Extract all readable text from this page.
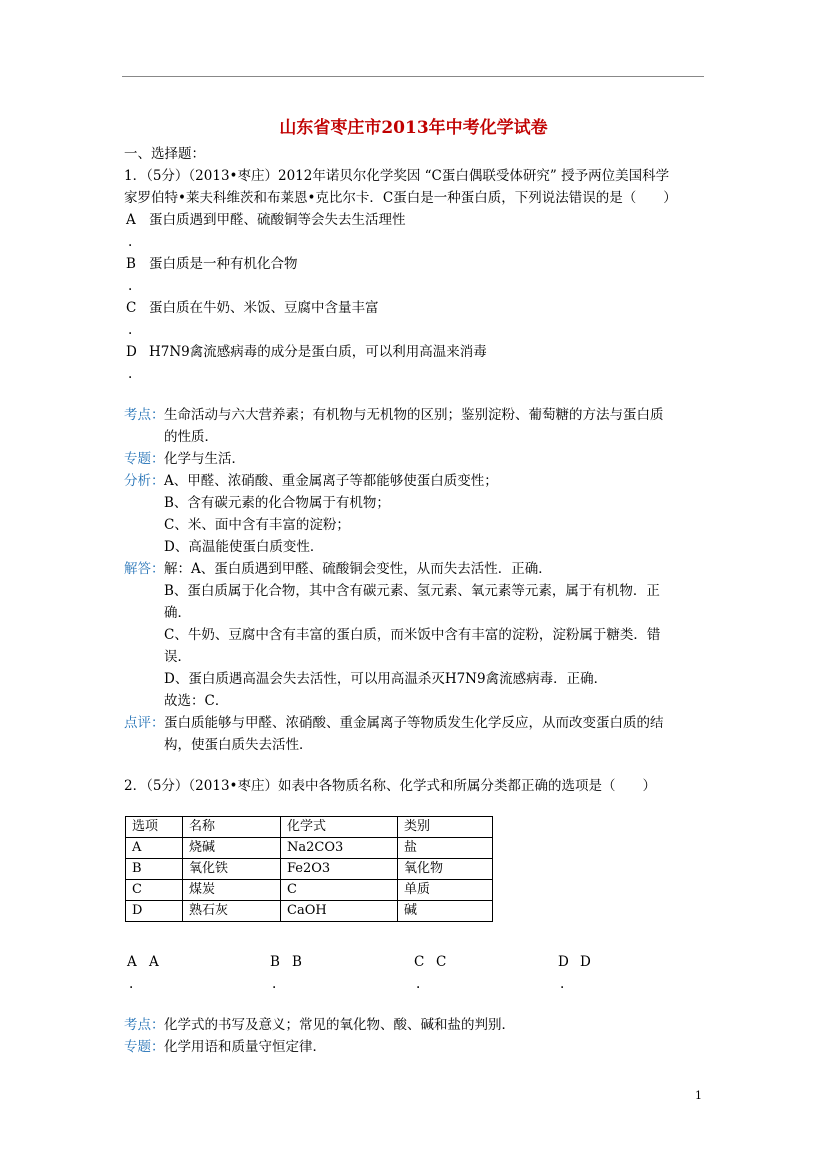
山东省枣庄市2013年中考化学试卷
一、选择题：
1．（5分）（2013•枣庄）2012年诺贝尔化学奖因 “C蛋白偶联受体研究” 授予两位美国科学
家罗伯特•莱夫科维茨和布莱恩•克比尔卡．C蛋白是一种蛋白质，下列说法错误的是（　　）
A 蛋白质遇到甲醛、硫酸铜等会失去生活理性
.
B 蛋白质是一种有机化合物
.
C 蛋白质在牛奶、米饭、豆腐中含量丰富
.
D H7N9禽流感病毒的成分是蛋白质，可以利用高温来消毒
.
考点： 生命活动与六大营养素；有机物与无机物的区别；鉴别淀粉、葡萄糖的方法与蛋白质
的性质．
专题： 化学与生活．
分析： A、甲醛、浓硝酸、重金属离子等都能够使蛋白质变性；
B、含有碳元素的化合物属于有机物；
C、米、面中含有丰富的淀粉；
D、高温能使蛋白质变性．
解答： 解：A、蛋白质遇到甲醛、硫酸铜会变性，从而失去活性．正确．
B、蛋白质属于化合物，其中含有碳元素、氢元素、氧元素等元素，属于有机物．正
确．
C、牛奶、豆腐中含有丰富的蛋白质，而米饭中含有丰富的淀粉，淀粉属于糖类．错
误．
D、蛋白质遇高温会失去活性，可以用高温杀灭H7N9禽流感病毒．正确．
故选：C．
点评： 蛋白质能够与甲醛、浓硝酸、重金属离子等物质发生化学反应，从而改变蛋白质的结
构，使蛋白质失去活性．
2．（5分）（2013•枣庄）如表中各物质名称、化学式和所属分类都正确的选项是（　　）
选项	名称	化学式	类别
A	烧碱	Na2CO3	盐
B	氧化铁	Fe2O3	氧化物
C	煤炭	C	单质
D	熟石灰	CaOH	碱
A A
.
B B
.
C C
.
D D
.
考点： 化学式的书写及意义；常见的氧化物、酸、碱和盐的判别．
专题： 化学用语和质量守恒定律．
1
